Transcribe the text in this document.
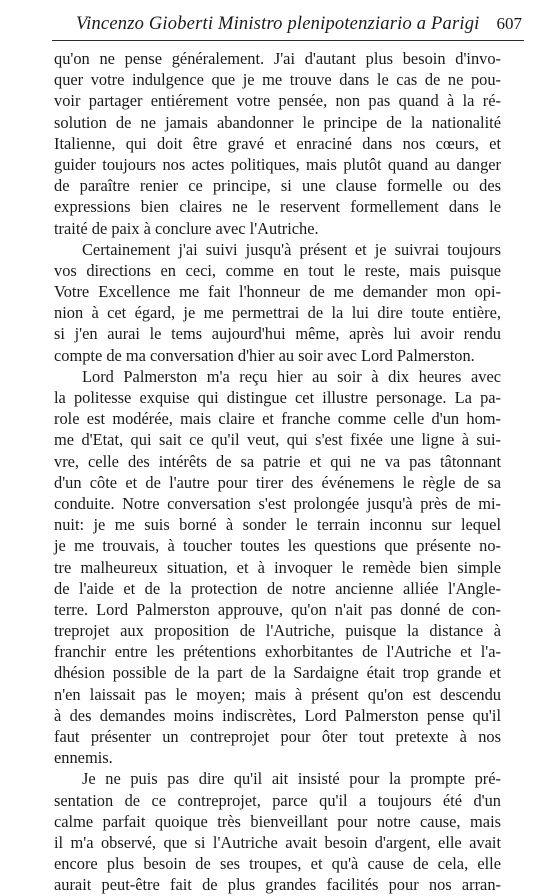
Vincenzo Gioberti Ministro plenipotenziario a Parigi 607
qu'on ne pense généralement. J'ai d'autant plus besoin d'invo-
quer votre indulgence que je me trouve dans le cas de ne pou-
voir partager entiérement votre pensée, non pas quand à la ré-
solution de ne jamais abandonner le principe de la nationalité
Italienne, qui doit être gravé et enraciné dans nos cœurs, et
guider toujours nos actes politiques, mais plutôt quand au danger
de paraître renier ce principe, si une clause formelle ou des
expressions bien claires ne le reservent formellement dans le
traité de paix à conclure avec l'Autriche.
Certainement j'ai suivi jusqu'à présent et je suivrai toujours
vos directions en ceci, comme en tout le reste, mais puisque
Votre Excellence me fait l'honneur de me demander mon opi-
nion à cet égard, je me permettrai de la lui dire toute entière,
si j'en aurai le tems aujourd'hui même, après lui avoir rendu
compte de ma conversation d'hier au soir avec Lord Palmerston.
Lord Palmerston m'a reçu hier au soir à dix heures avec
la politesse exquise qui distingue cet illustre personage. La pa-
role est modérée, mais claire et franche comme celle d'un hom-
me d'Etat, qui sait ce qu'il veut, qui s'est fixée une ligne à sui-
vre, celle des intérêts de sa patrie et qui ne va pas tâtonnant
d'un côte et de l'autre pour tirer des événemens le règle de sa
conduite. Notre conversation s'est prolongée jusqu'à près de mi-
nuit: je me suis borné à sonder le terrain inconnu sur lequel
je me trouvais, à toucher toutes les questions que présente no-
tre malheureux situation, et à invoquer le remède bien simple
de l'aide et de la protection de notre ancienne alliée l'Angle-
terre. Lord Palmerston approuve, qu'on n'ait pas donné de con-
treprojet aux proposition de l'Autriche, puisque la distance à
franchir entre les prétentions exhorbitantes de l'Autriche et l'a-
dhésion possible de la part de la Sardaigne était trop grande et
n'en laissait pas le moyen; mais à présent qu'on est descendu
à des demandes moins indiscrètes, Lord Palmerston pense qu'il
faut présenter un contreprojet pour ôter tout pretexte à nos
ennemis.
Je ne puis pas dire qu'il ait insisté pour la prompte pré-
sentation de ce contreprojet, parce qu'il a toujours été d'un
calme parfait quoique très bienveillant pour notre cause, mais
il m'a observé, que si l'Autriche avait besoin d'argent, elle avait
encore plus besoin de ses troupes, et qu'à cause de cela, elle
aurait peut-être fait de plus grandes facilités pour nos arran-
